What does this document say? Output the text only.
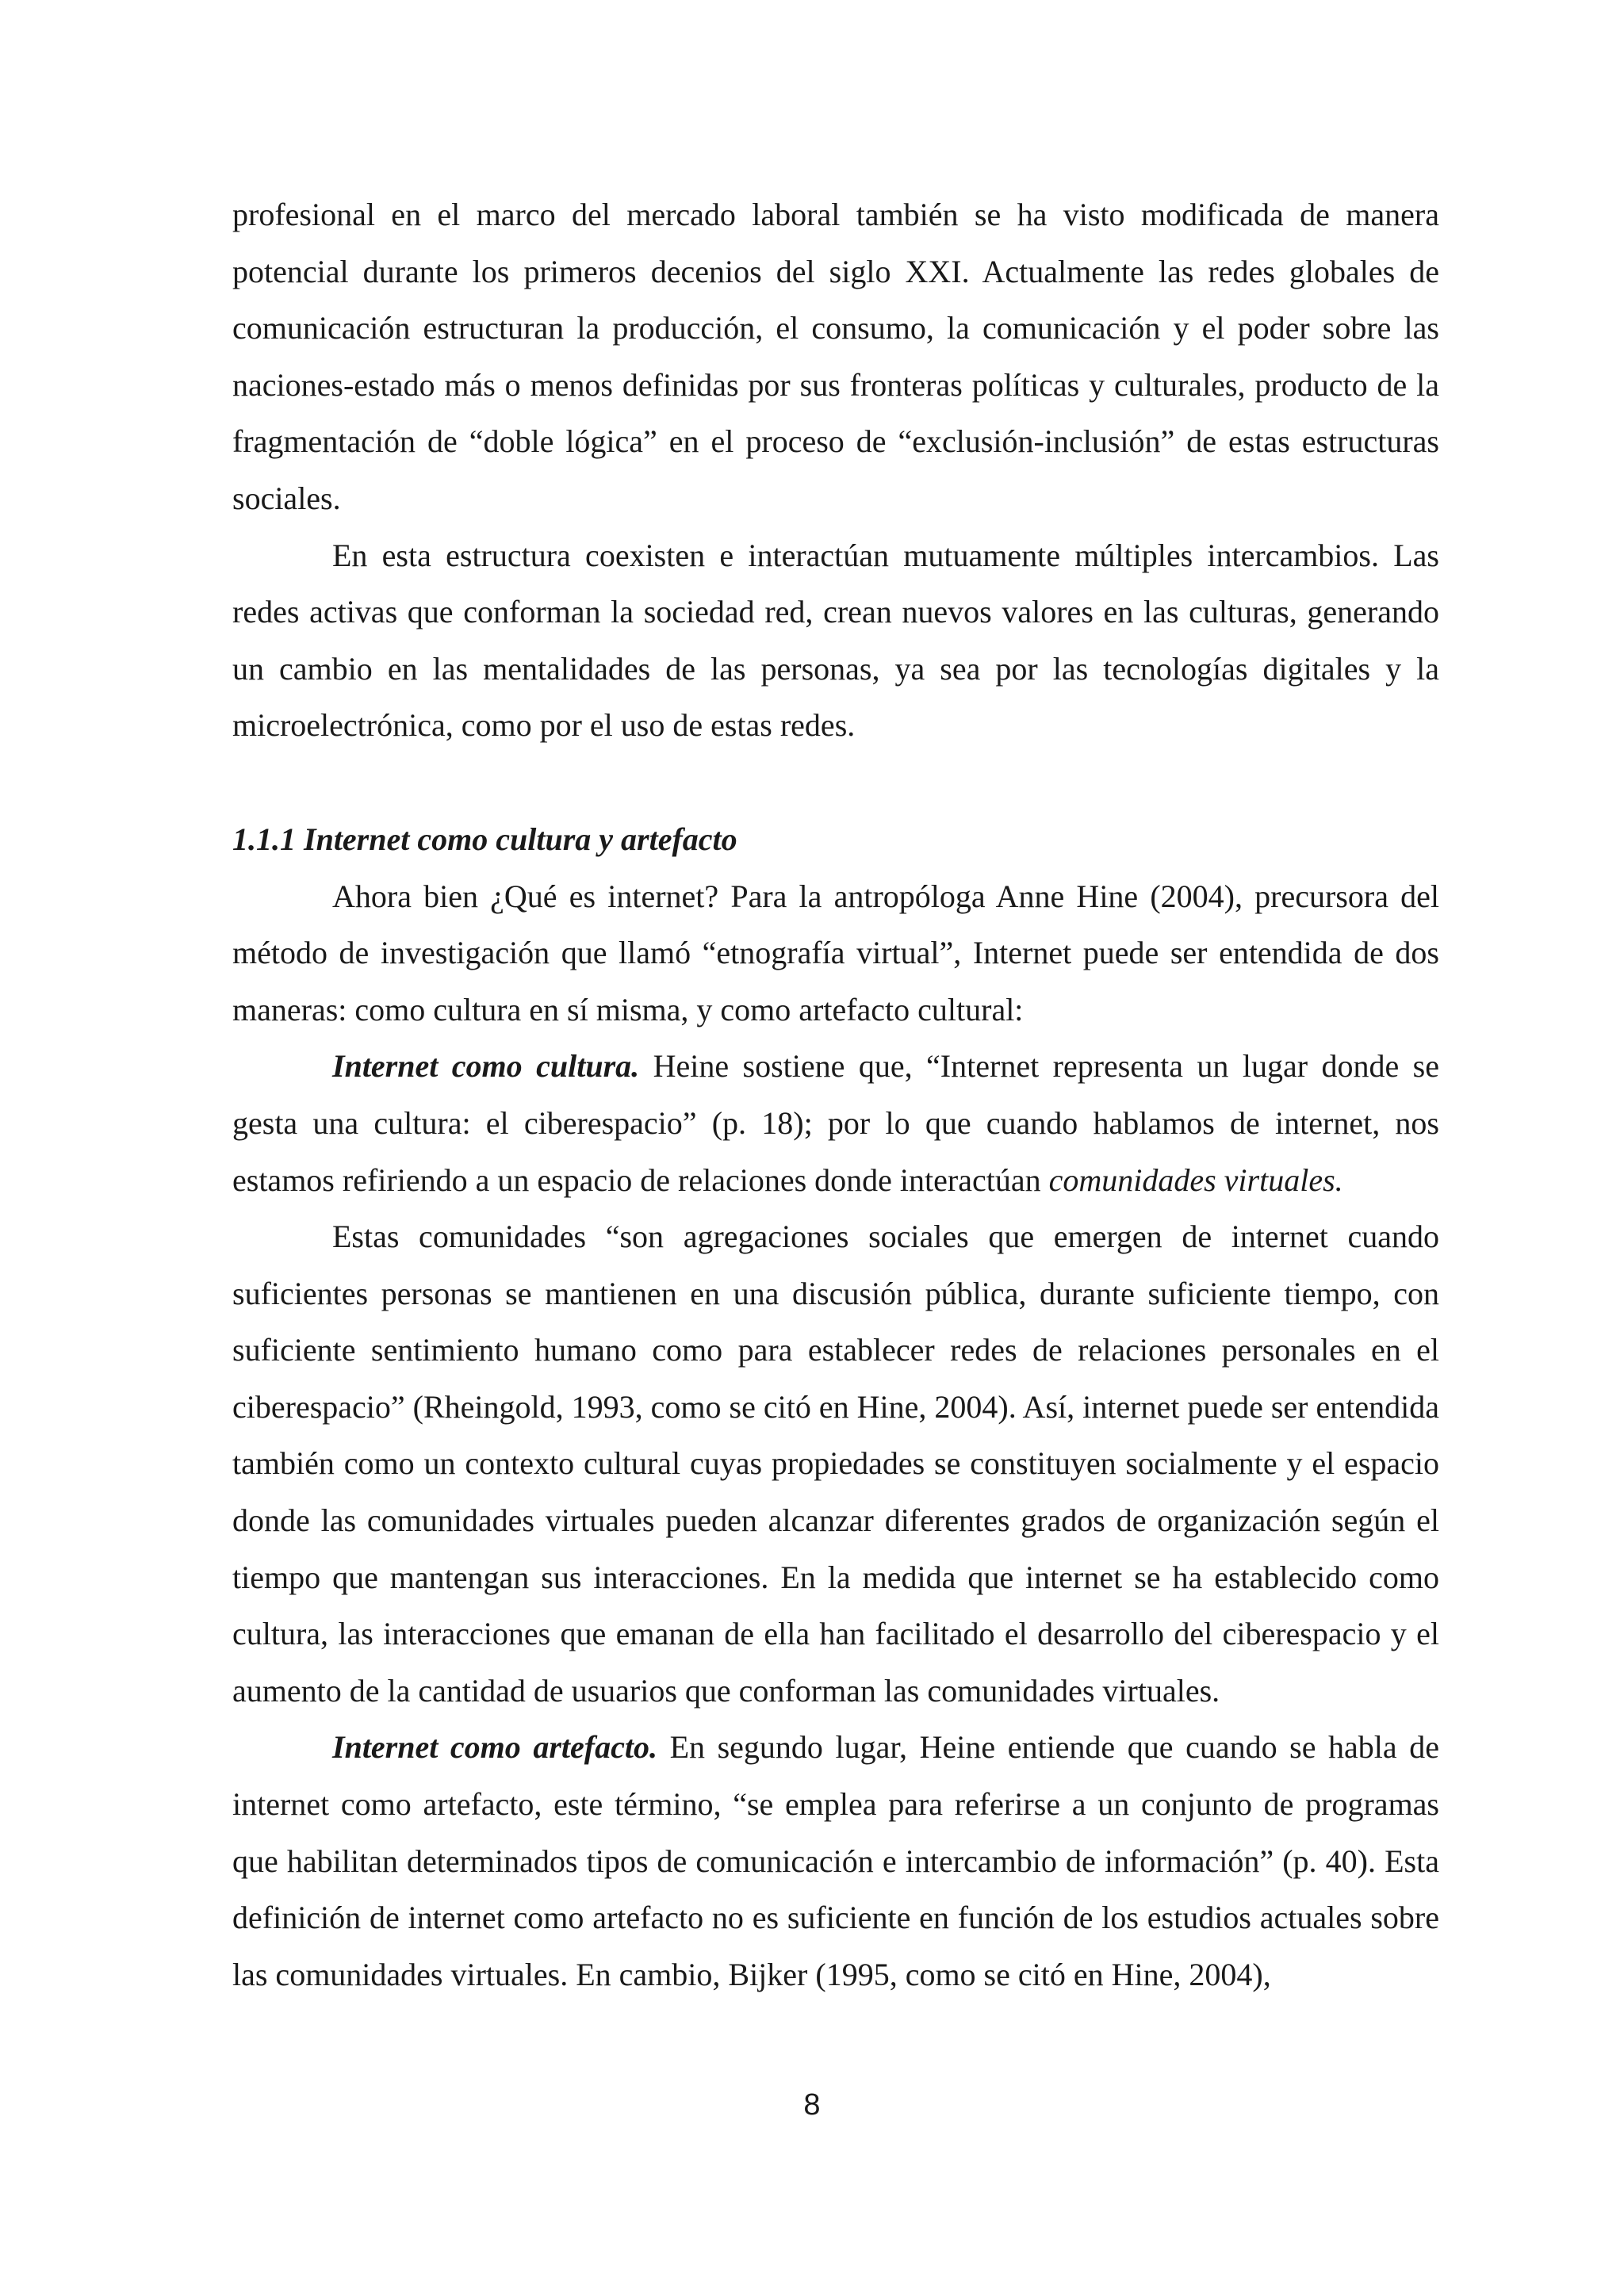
profesional en el marco del mercado laboral también se ha visto modificada de manera potencial durante los primeros decenios del siglo XXI. Actualmente las redes globales de comunicación estructuran la producción, el consumo, la comunicación y el poder sobre las naciones-estado más o menos definidas por sus fronteras políticas y culturales, producto de la fragmentación de “doble lógica” en el proceso de “exclusión-inclusión” de estas estructuras sociales.

En esta estructura coexisten e interactúan mutuamente múltiples intercambios. Las redes activas que conforman la sociedad red, crean nuevos valores en las culturas, generando un cambio en las mentalidades de las personas, ya sea por las tecnologías digitales y la microelectrónica, como por el uso de estas redes.

1.1.1 Internet como cultura y artefacto

Ahora bien ¿Qué es internet? Para la antropóloga Anne Hine (2004), precursora del método de investigación que llamó “etnografía virtual”, Internet puede ser entendida de dos maneras: como cultura en sí misma, y como artefacto cultural:

Internet como cultura. Heine sostiene que, “Internet representa un lugar donde se gesta una cultura: el ciberespacio” (p. 18); por lo que cuando hablamos de internet, nos estamos refiriendo a un espacio de relaciones donde interactúan comunidades virtuales.

Estas comunidades “son agregaciones sociales que emergen de internet cuando suficientes personas se mantienen en una discusión pública, durante suficiente tiempo, con suficiente sentimiento humano como para establecer redes de relaciones personales en el ciberespacio” (Rheingold, 1993, como se citó en Hine, 2004). Así, internet puede ser entendida también como un contexto cultural cuyas propiedades se constituyen socialmente y el espacio donde las comunidades virtuales pueden alcanzar diferentes grados de organización según el tiempo que mantengan sus interacciones. En la medida que internet se ha establecido como cultura, las interacciones que emanan de ella han facilitado el desarrollo del ciberespacio y el aumento de la cantidad de usuarios que conforman las comunidades virtuales.

Internet como artefacto. En segundo lugar, Heine entiende que cuando se habla de internet como artefacto, este término, “se emplea para referirse a un conjunto de programas que habilitan determinados tipos de comunicación e intercambio de información” (p. 40). Esta definición de internet como artefacto no es suficiente en función de los estudios actuales sobre las comunidades virtuales. En cambio, Bijker (1995, como se citó en Hine, 2004),

8
